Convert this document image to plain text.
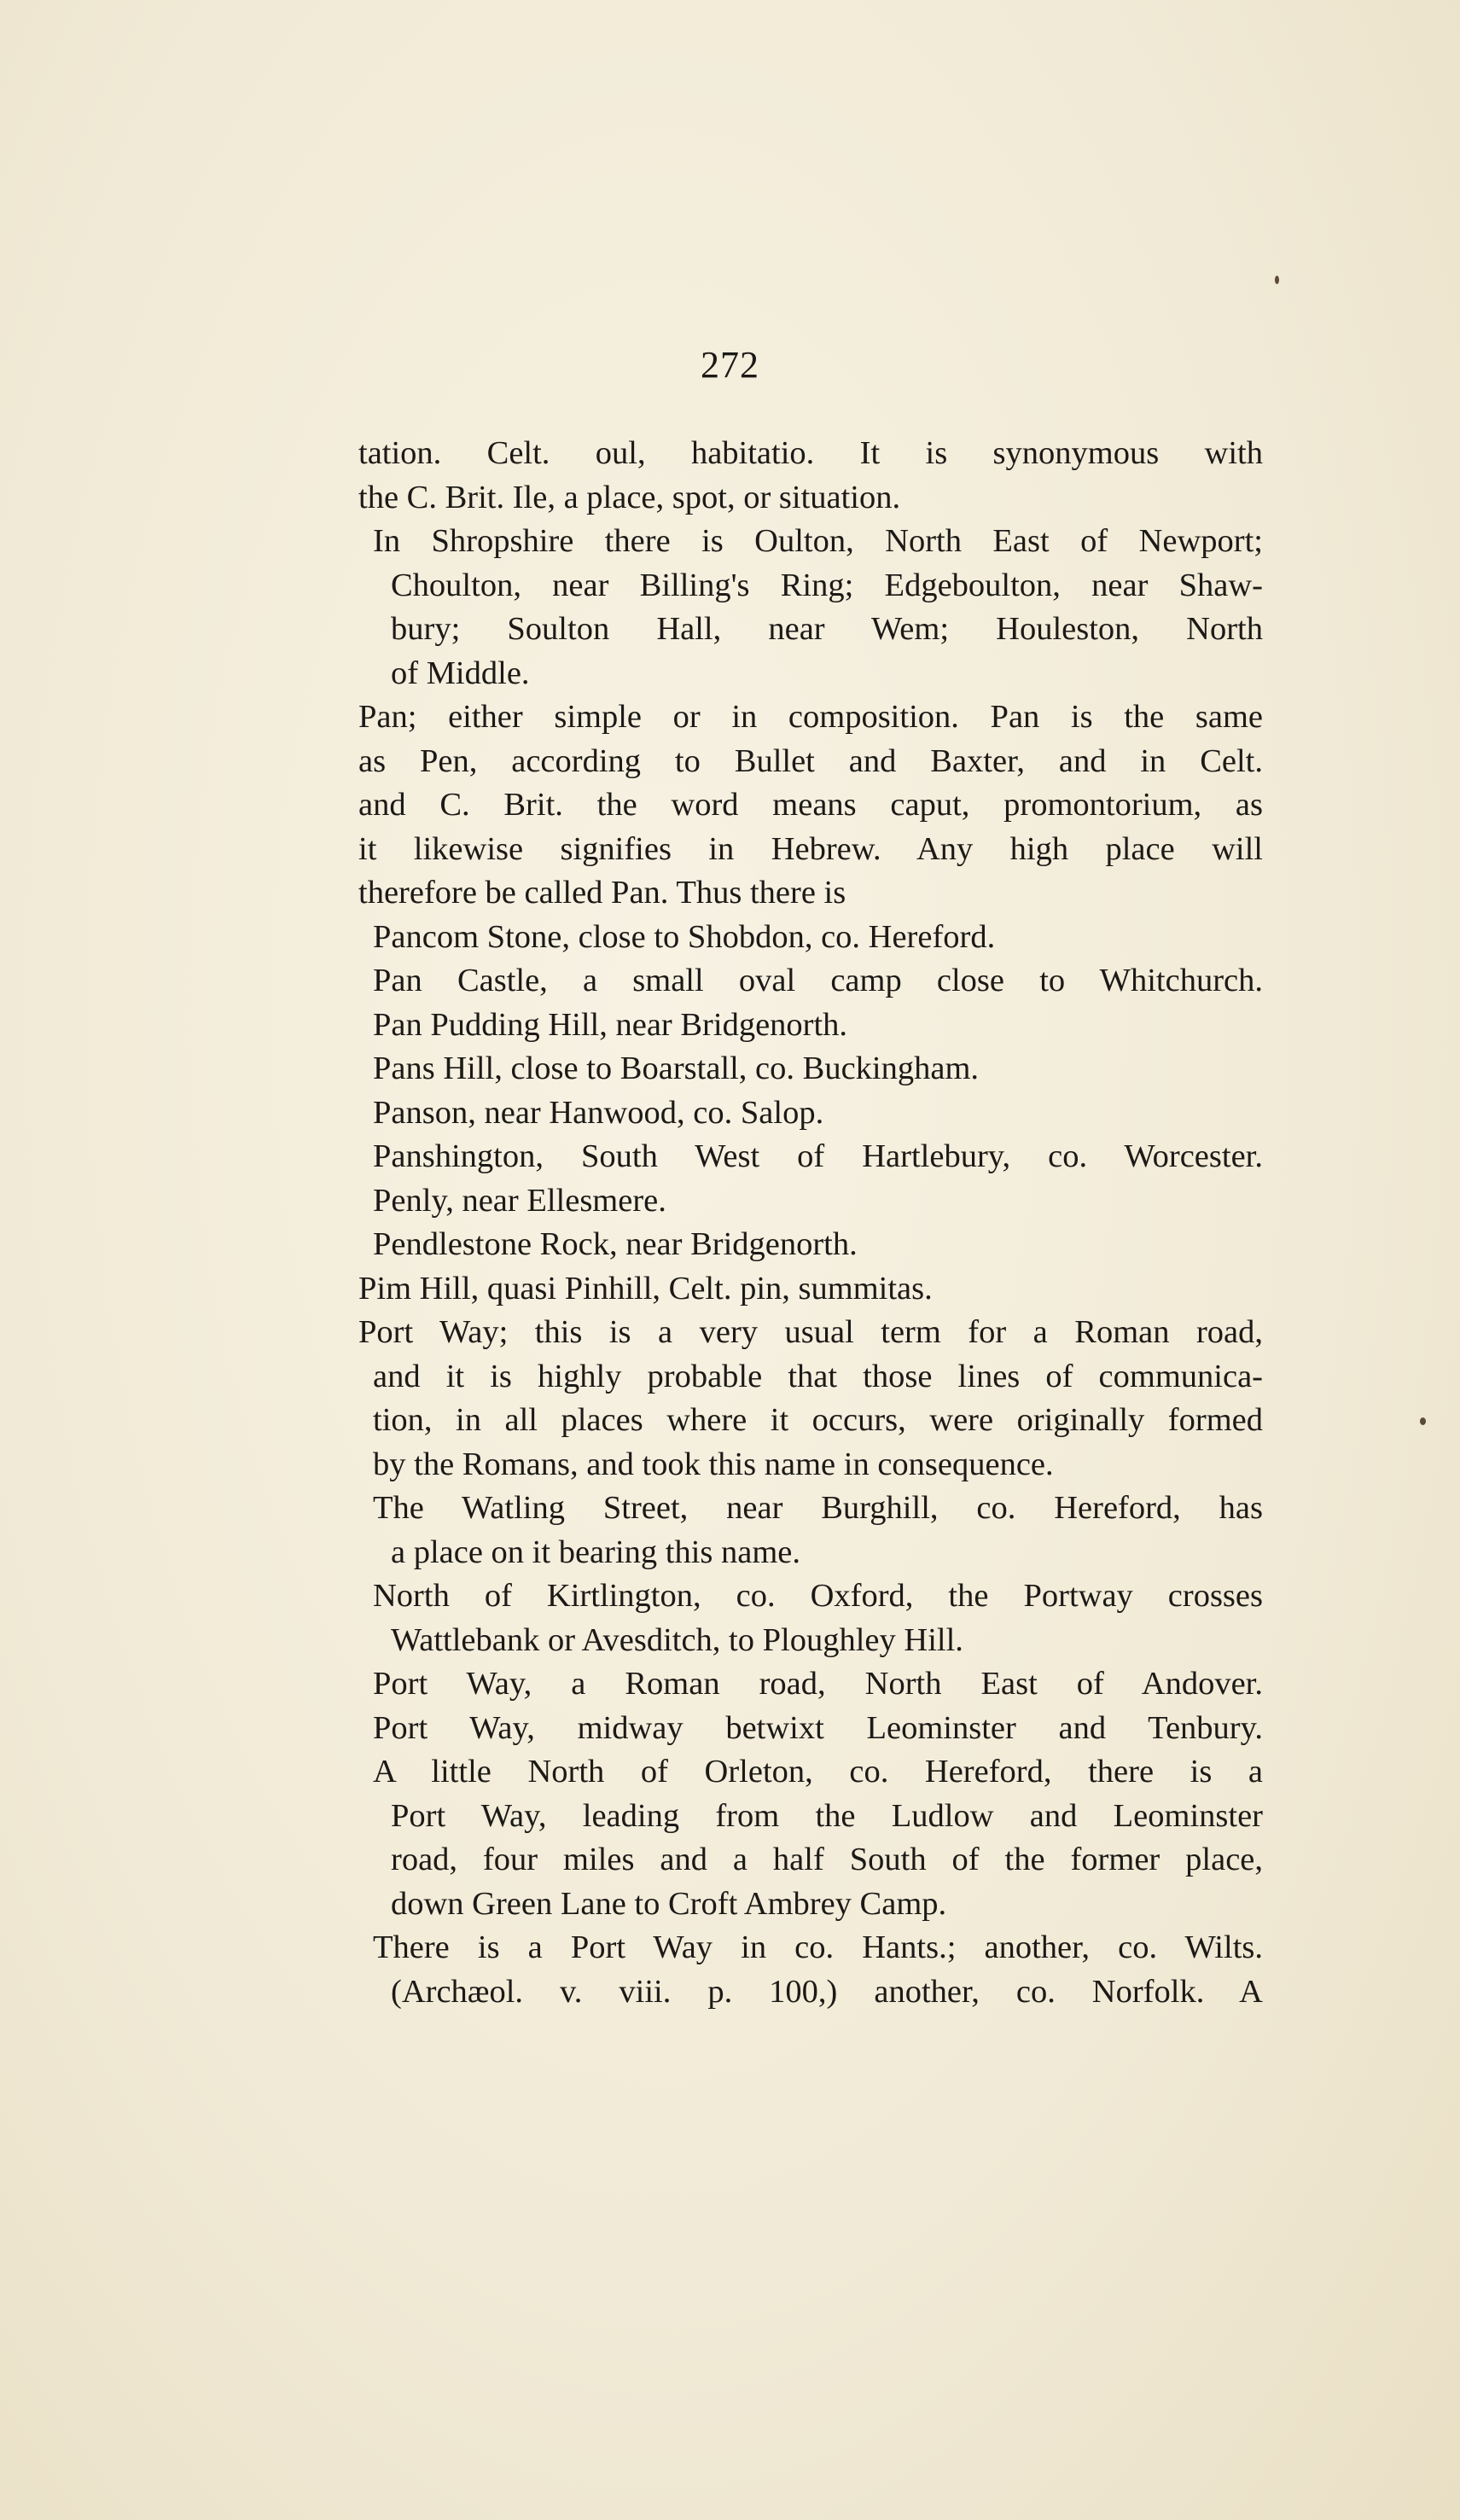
272
tation. Celt. oul, habitatio. It is synonymous with
the C. Brit. Ile, a place, spot, or situation.
In Shropshire there is Oulton, North East of Newport;
Choulton, near Billing's Ring; Edgeboulton, near Shaw-
bury; Soulton Hall, near Wem; Houleston, North
of Middle.
Pan; either simple or in composition. Pan is the same
as Pen, according to Bullet and Baxter, and in Celt.
and C. Brit. the word means caput, promontorium, as
it likewise signifies in Hebrew. Any high place will
therefore be called Pan. Thus there is
Pancom Stone, close to Shobdon, co. Hereford.
Pan Castle, a small oval camp close to Whitchurch.
Pan Pudding Hill, near Bridgenorth.
Pans Hill, close to Boarstall, co. Buckingham.
Panson, near Hanwood, co. Salop.
Panshington, South West of Hartlebury, co. Worcester.
Penly, near Ellesmere.
Pendlestone Rock, near Bridgenorth.
Pim Hill, quasi Pinhill, Celt. pin, summitas.
Port Way; this is a very usual term for a Roman road,
and it is highly probable that those lines of communica-
tion, in all places where it occurs, were originally formed
by the Romans, and took this name in consequence.
The Watling Street, near Burghill, co. Hereford, has
a place on it bearing this name.
North of Kirtlington, co. Oxford, the Portway crosses
Wattlebank or Avesditch, to Ploughley Hill.
Port Way, a Roman road, North East of Andover.
Port Way, midway betwixt Leominster and Tenbury.
A little North of Orleton, co. Hereford, there is a
Port Way, leading from the Ludlow and Leominster
road, four miles and a half South of the former place,
down Green Lane to Croft Ambrey Camp.
There is a Port Way in co. Hants.; another, co. Wilts.
(Archæol. v. viii. p. 100,) another, co. Norfolk. A
